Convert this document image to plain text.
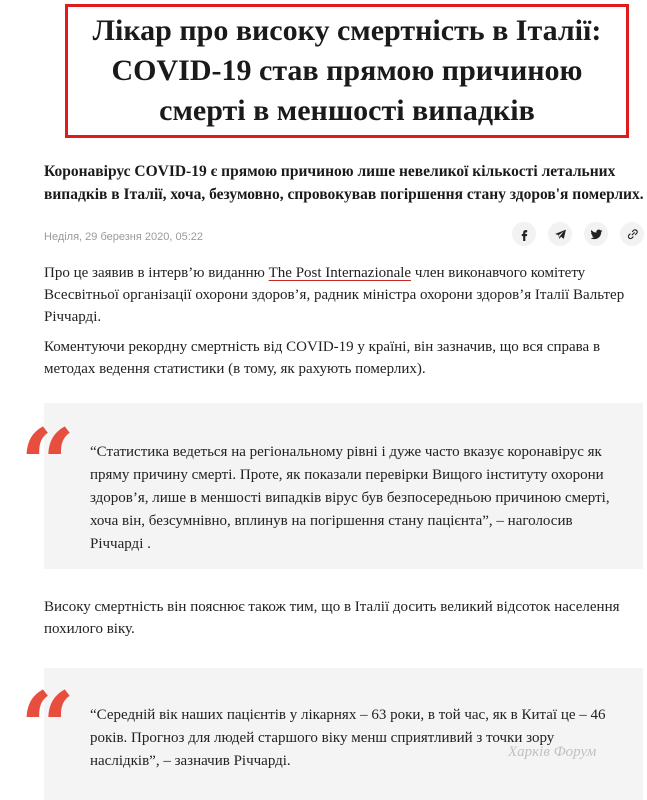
Лікар про високу смертність в Італії: COVID-19 став прямою причиною смерті в меншості випадків

Коронавірус COVID-19 є прямою причиною лише невеликої кількості летальних випадків в Італії, хоча, безумовно, спровокував погіршення стану здоров'я померлих.

Неділя, 29 березня 2020, 05:22

Про це заявив в інтерв’ю виданню The Post Internazionale член виконавчого комітету Всесвітньої організації охорони здоров’я, радник міністра охорони здоров’я Італії Вальтер Річчарді.

Коментуючи рекордну смертність від COVID-19 у країні, він зазначив, що вся справа в методах ведення статистики (в тому, як рахують померлих).

“ “Статистика ведеться на регіональному рівні і дуже часто вказує коронавірус як пряму причину смерті. Проте, як показали перевірки Вищого інституту охорони здоров’я, лише в меншості випадків вірус був безпосередньою причиною смерті, хоча він, безсумнівно, вплинув на погіршення стану пацієнта”, – наголосив Річчарді .

Високу смертність він пояснює також тим, що в Італії досить великий відсоток населення похилого віку.

“ “Середній вік наших пацієнтів у лікарнях – 63 роки, в той час, як в Китаї це – 46 років. Прогноз для людей старшого віку менш сприятливий з точки зору наслідків”, – зазначив Річчарді.

Харків Форум
